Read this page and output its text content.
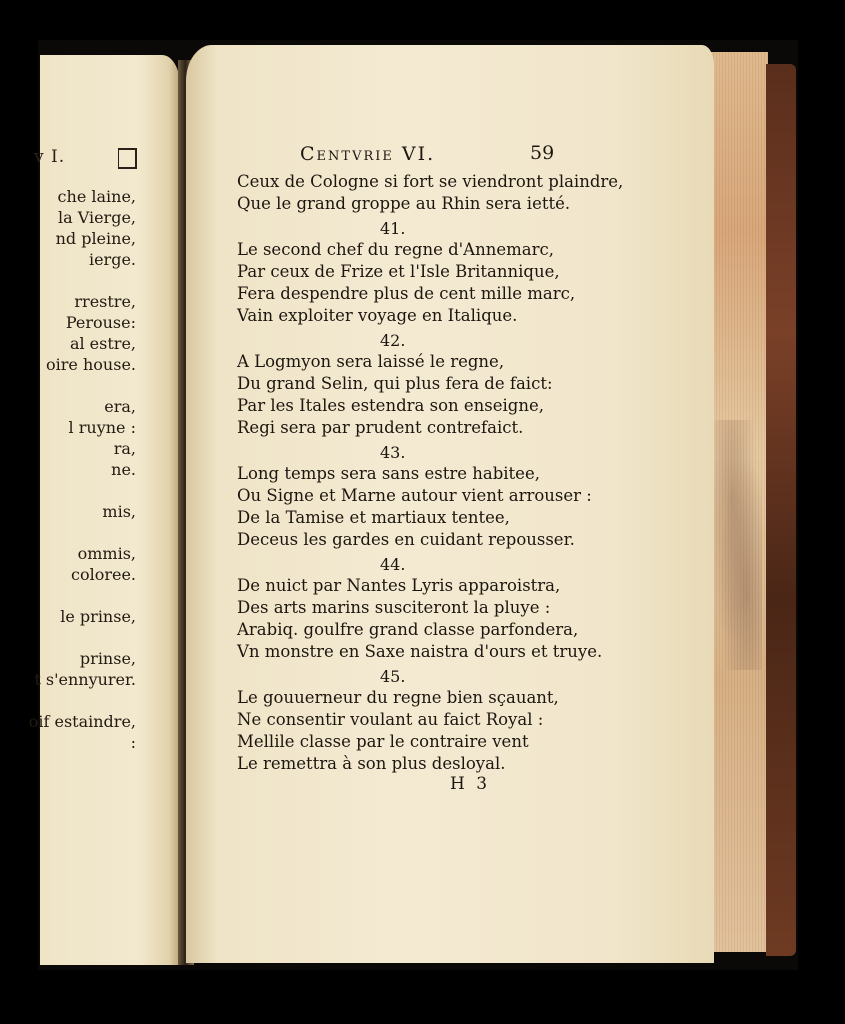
v I.
che laine,
la Vierge,
nd pleine,
ierge.
rrestre,
Perouse:
al estre,
oire house.
era,
l ruyne :
ra,
ne.
mis,
ommis,
coloree.
le prinse,
prinse,
t s'ennyurer.
oif estaindre,
:
Centvrie VI.	59
Ceux de Cologne si fort se viendront plaindre,
Que le grand groppe au Rhin sera ietté.
41.
Le second chef du regne d'Annemarc,
Par ceux de Frize et l'Isle Britannique,
Fera despendre plus de cent mille marc,
Vain exploiter voyage en Italique.
42.
A Logmyon sera laissé le regne,
Du grand Selin, qui plus fera de faict:
Par les Itales estendra son enseigne,
Regi sera par prudent contrefaict.
43.
Long temps sera sans estre habitee,
Ou Signe et Marne autour vient arrouser :
De la Tamise et martiaux tentee,
Deceus les gardes en cuidant repousser.
44.
De nuict par Nantes Lyris apparoistra,
Des arts marins susciteront la pluye :
Arabiq. goulfre grand classe parfondera,
Vn monstre en Saxe naistra d'ours et truye.
45.
Le gouuerneur du regne bien sçauant,
Ne consentir voulant au faict Royal :
Mellile classe par le contraire vent
Le remettra à son plus desloyal.
H 3
